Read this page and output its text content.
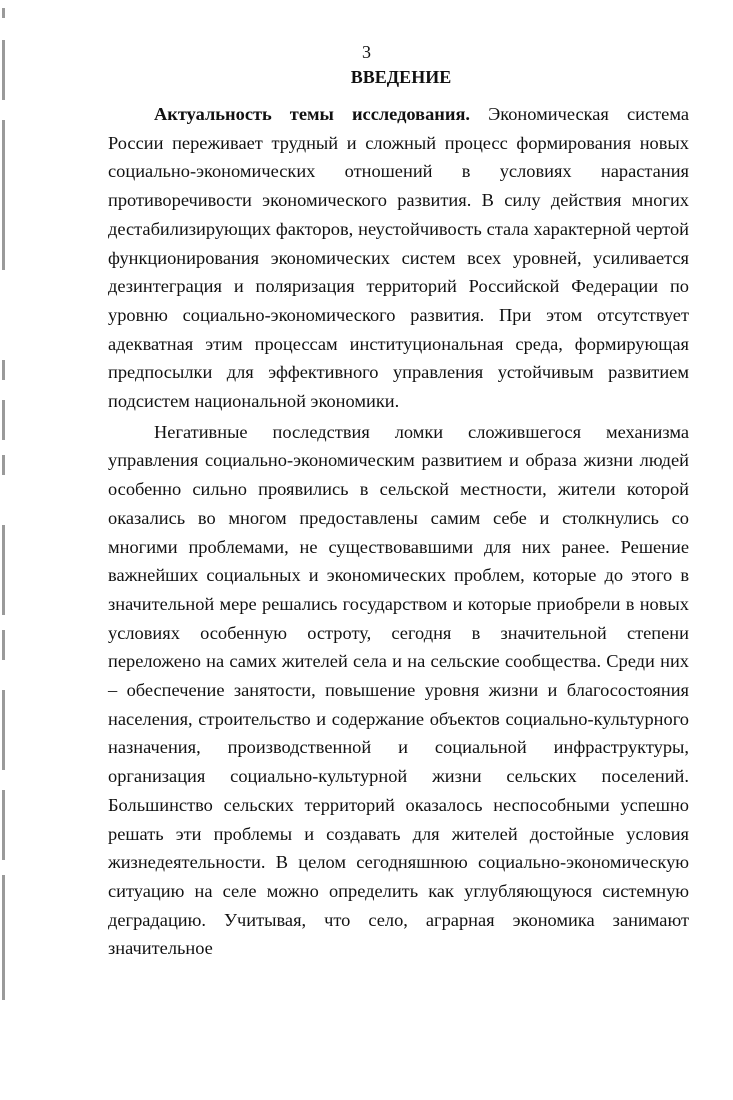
3
ВВЕДЕНИЕ

Актуальность темы исследования. Экономическая система России переживает трудный и сложный процесс формирования новых социально-экономических отношений в условиях нарастания противоречивости экономического развития. В силу действия многих дестабилизирующих факторов, неустойчивость стала характерной чертой функционирования экономических систем всех уровней, усиливается дезинтеграция и поляризация территорий Российской Федерации по уровню социально-экономического развития. При этом отсутствует адекватная этим процессам институциональная среда, формирующая предпосылки для эффективного управления устойчивым развитием подсистем национальной экономики.

Негативные последствия ломки сложившегося механизма управления социально-экономическим развитием и образа жизни людей особенно сильно проявились в сельской местности, жители которой оказались во многом предоставлены самим себе и столкнулись со многими проблемами, не существовавшими для них ранее. Решение важнейших социальных и экономических проблем, которые до этого в значительной мере решались государством и которые приобрели в новых условиях особенную остроту, сегодня в значительной степени переложено на самих жителей села и на сельские сообщества. Среди них – обеспечение занятости, повышение уровня жизни и благосостояния населения, строительство и содержание объектов социально-культурного назначения, производственной и социальной инфраструктуры, организация социально-культурной жизни сельских поселений. Большинство сельских территорий оказалось неспособными успешно решать эти проблемы и создавать для жителей достойные условия жизнедеятельности. В целом сегодняшнюю социально-экономическую ситуацию на селе можно определить как углубляющуюся системную деградацию. Учитывая, что село, аграрная экономика занимают значительное
